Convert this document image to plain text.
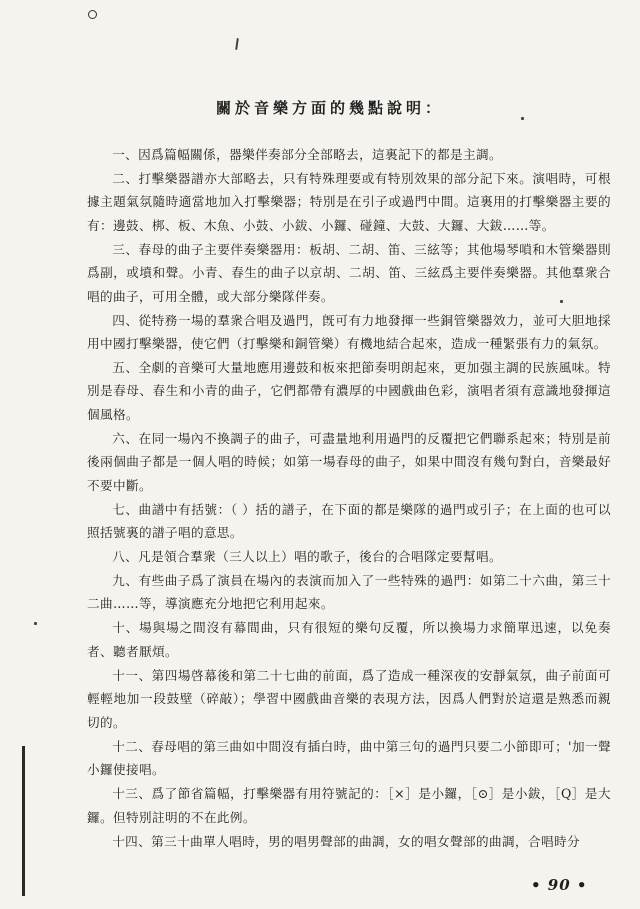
關於音樂方面的幾點說明：

一、因爲篇幅關係，器樂伴奏部分全部略去，這裏記下的都是主調。

二、打擊樂器譜亦大部略去，只有特殊理要或有特別效果的部分記下來。演唱時，可根據主題氣氛隨時適當地加入打擊樂器；特別是在引子或過門中間。這裏用的打擊樂器主要的有：邊鼓、梆、板、木魚、小鼓、小鈸、小鑼、碰鐘、大鼓、大鑼、大鈸……等。

三、春母的曲子主要伴奏樂器用：板胡、二胡、笛、三絃等；其他場琴嗩和木管樂器則爲副，或墳和聲。小青、春生的曲子以京胡、二胡、笛、三絃爲主要伴奏樂器。其他羣衆合唱的曲子，可用全體，或大部分樂隊伴奏。

四、從特務一場的羣衆合唱及過門，旣可有力地發揮一些銅管樂器效力，並可大胆地採用中國打擊樂器，使它們（打擊樂和銅管樂）有機地結合起來，造成一種緊張有力的氣氛。

五、全劇的音樂可大量地應用邊鼓和板來把節奏明朗起來，更加强主調的民族風味。特別是春母、春生和小青的曲子，它們都帶有濃厚的中國戲曲色彩，演唱者須有意識地發揮這個風格。

六、在同一場內不換調子的曲子，可盡量地利用過門的反覆把它們聯系起來；特別是前後兩個曲子都是一個人唱的時候；如第一場春母的曲子，如果中間沒有幾句對白，音樂最好不要中斷。

七、曲譜中有括號：（ ）括的譜子，在下面的都是樂隊的過門或引子；在上面的也可以照括號裏的譜子唱的意思。

八、凡是領合羣衆（三人以上）唱的歌子，後台的合唱隊定要幫唱。

九、有些曲子爲了演員在場內的表演而加入了一些特殊的過門：如第二十六曲，第三十二曲……等，導演應充分地把它利用起來。

十、場與場之間沒有幕間曲，只有很短的樂句反覆，所以換場力求簡單迅速，以免奏者、聽者厭煩。

十一、第四場啓幕後和第二十七曲的前面，爲了造成一種深夜的安靜氣氛，曲子前面可輕輕地加一段鼓壁（碎敲）；學習中國戲曲音樂的表現方法，因爲人們對於這還是熟悉而親切的。

十二、春母唱的第三曲如中間沒有插白時，曲中第三句的過門只要二小節即可；'加一聲小鑼使接唱。

十三、爲了節省篇幅，打擊樂器有用符號記的：［×］是小鑼，［⊙］是小鈸，［Q］是大鑼。但特別註明的不在此例。

十四、第三十曲單人唱時，男的唱男聲部的曲調，女的唱女聲部的曲調，合唱時分

• 90 •
